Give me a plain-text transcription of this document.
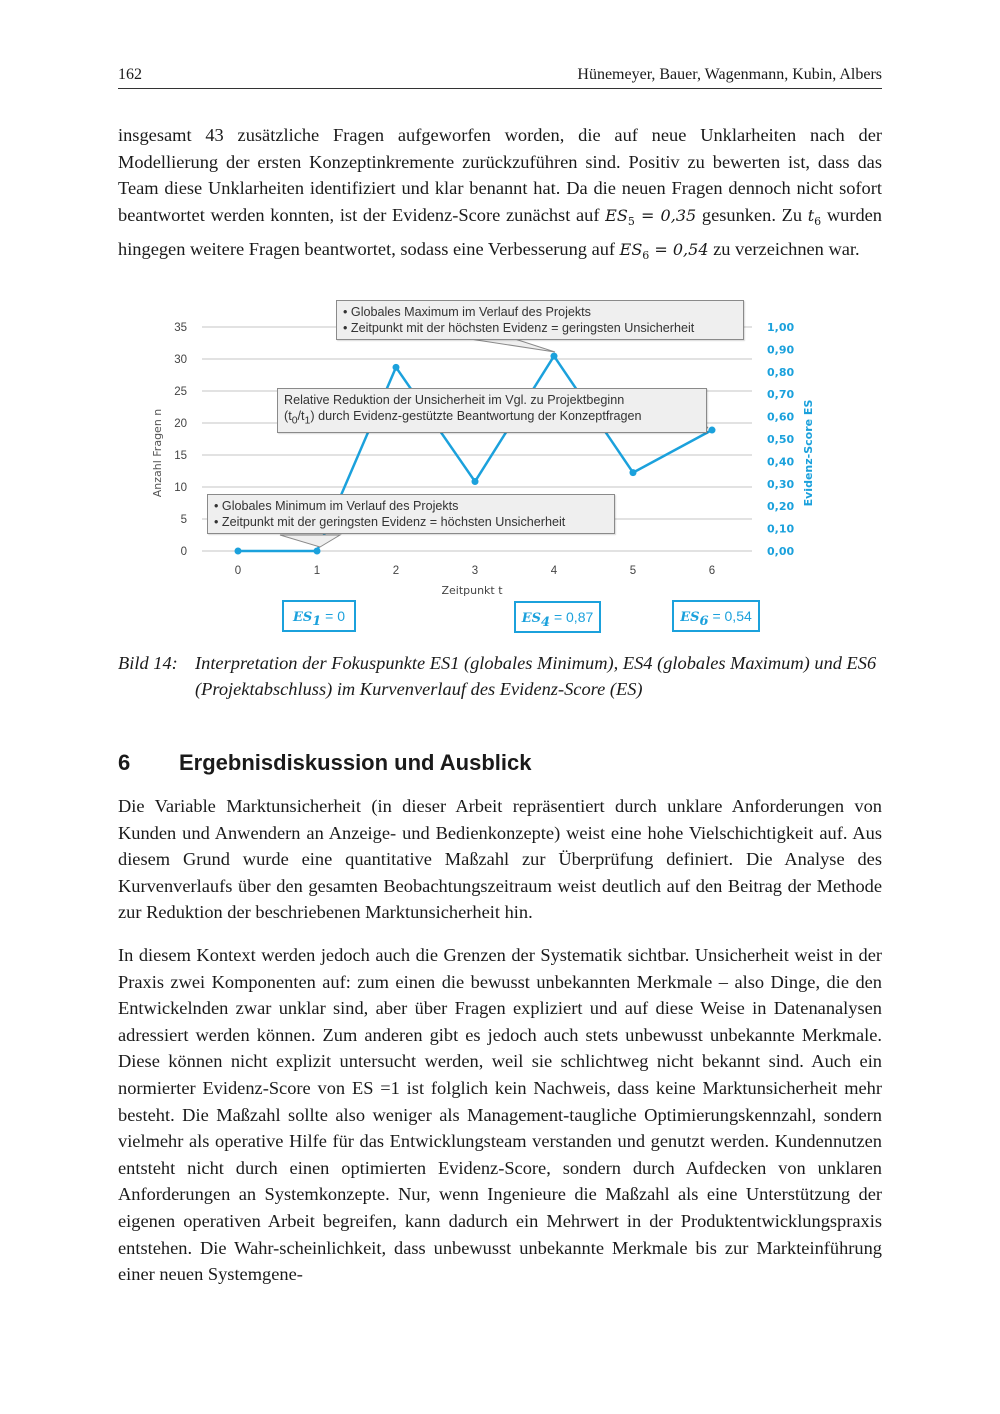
162	Hünemeyer, Bauer, Wagenmann, Kubin, Albers
insgesamt 43 zusätzliche Fragen aufgeworfen worden, die auf neue Unklarheiten nach der Modellierung der ersten Konzeptinkremente zurückzuführen sind. Positiv zu bewerten ist, dass das Team diese Unklarheiten identifiziert und klar benannt hat. Da die neuen Fragen dennoch nicht sofort beantwortet werden konnten, ist der Evidenz-Score zunächst auf $ES_5 = 0,35$ gesunken. Zu $t_6$ wurden hingegen weitere Fragen beantwortet, sodass eine Verbesserung auf $ES_6 = 0,54$ zu verzeichnen war.
0
5
10
15
20
25
30
35
0,00
0,10
0,20
0,30
0,40
0,50
0,60
0,70
0,80
0,90
1,00
0	1	2	3	4	5	6
Zeitpunkt t
Anzahl Fragen n	Evidenz-Score ES
• Globales Maximum im Verlauf des Projekts
• Zeitpunkt mit der höchsten Evidenz = geringsten Unsicherheit
Relative Reduktion der Unsicherheit im Vgl. zu Projektbeginn
$(t_0/t_1)$ durch Evidenz-gestützte Beantwortung der Konzeptfragen
• Globales Minimum im Verlauf des Projekts
• Zeitpunkt mit der geringsten Evidenz = höchsten Unsicherheit
$ES_1 = 0$	$ES_4 = 0,87$	$ES_6 = 0,54$
Bild 14: Interpretation der Fokuspunkte ES1 (globales Minimum), ES4 (globales Maximum) und ES6 (Projektabschluss) im Kurvenverlauf des Evidenz-Score (ES)
6 Ergebnisdiskussion und Ausblick
Die Variable Marktunsicherheit (in dieser Arbeit repräsentiert durch unklare Anforderungen von Kunden und Anwendern an Anzeige- und Bedienkonzepte) weist eine hohe Vielschichtigkeit auf. Aus diesem Grund wurde eine quantitative Maßzahl zur Überprüfung definiert. Die Analyse des Kurvenverlaufs über den gesamten Beobachtungszeitraum weist deutlich auf den Beitrag der Methode zur Reduktion der beschriebenen Marktunsicherheit hin.
In diesem Kontext werden jedoch auch die Grenzen der Systematik sichtbar. Unsicherheit weist in der Praxis zwei Komponenten auf: zum einen die bewusst unbekannten Merkmale – also Dinge, die den Entwickelnden zwar unklar sind, aber über Fragen expliziert und auf diese Weise in Datenanalysen adressiert werden können. Zum anderen gibt es jedoch auch stets unbewusst unbekannte Merkmale. Diese können nicht explizit untersucht werden, weil sie schlichtweg nicht bekannt sind. Auch ein normierter Evidenz-Score von ES =1 ist folglich kein Nachweis, dass keine Marktunsicherheit mehr besteht. Die Maßzahl sollte also weniger als Management-taugliche Optimierungskennzahl, sondern vielmehr als operative Hilfe für das Entwicklungsteam verstanden und genutzt werden. Kundennutzen entsteht nicht durch einen optimierten Evidenz-Score, sondern durch Aufdecken von unklaren Anforderungen an Systemkonzepte. Nur, wenn Ingenieure die Maßzahl als eine Unterstützung der eigenen operativen Arbeit begreifen, kann dadurch ein Mehrwert in der Produktentwicklungspraxis entstehen. Die Wahr-scheinlichkeit, dass unbewusst unbekannte Merkmale bis zur Markteinführung einer neuen Systemgene-
